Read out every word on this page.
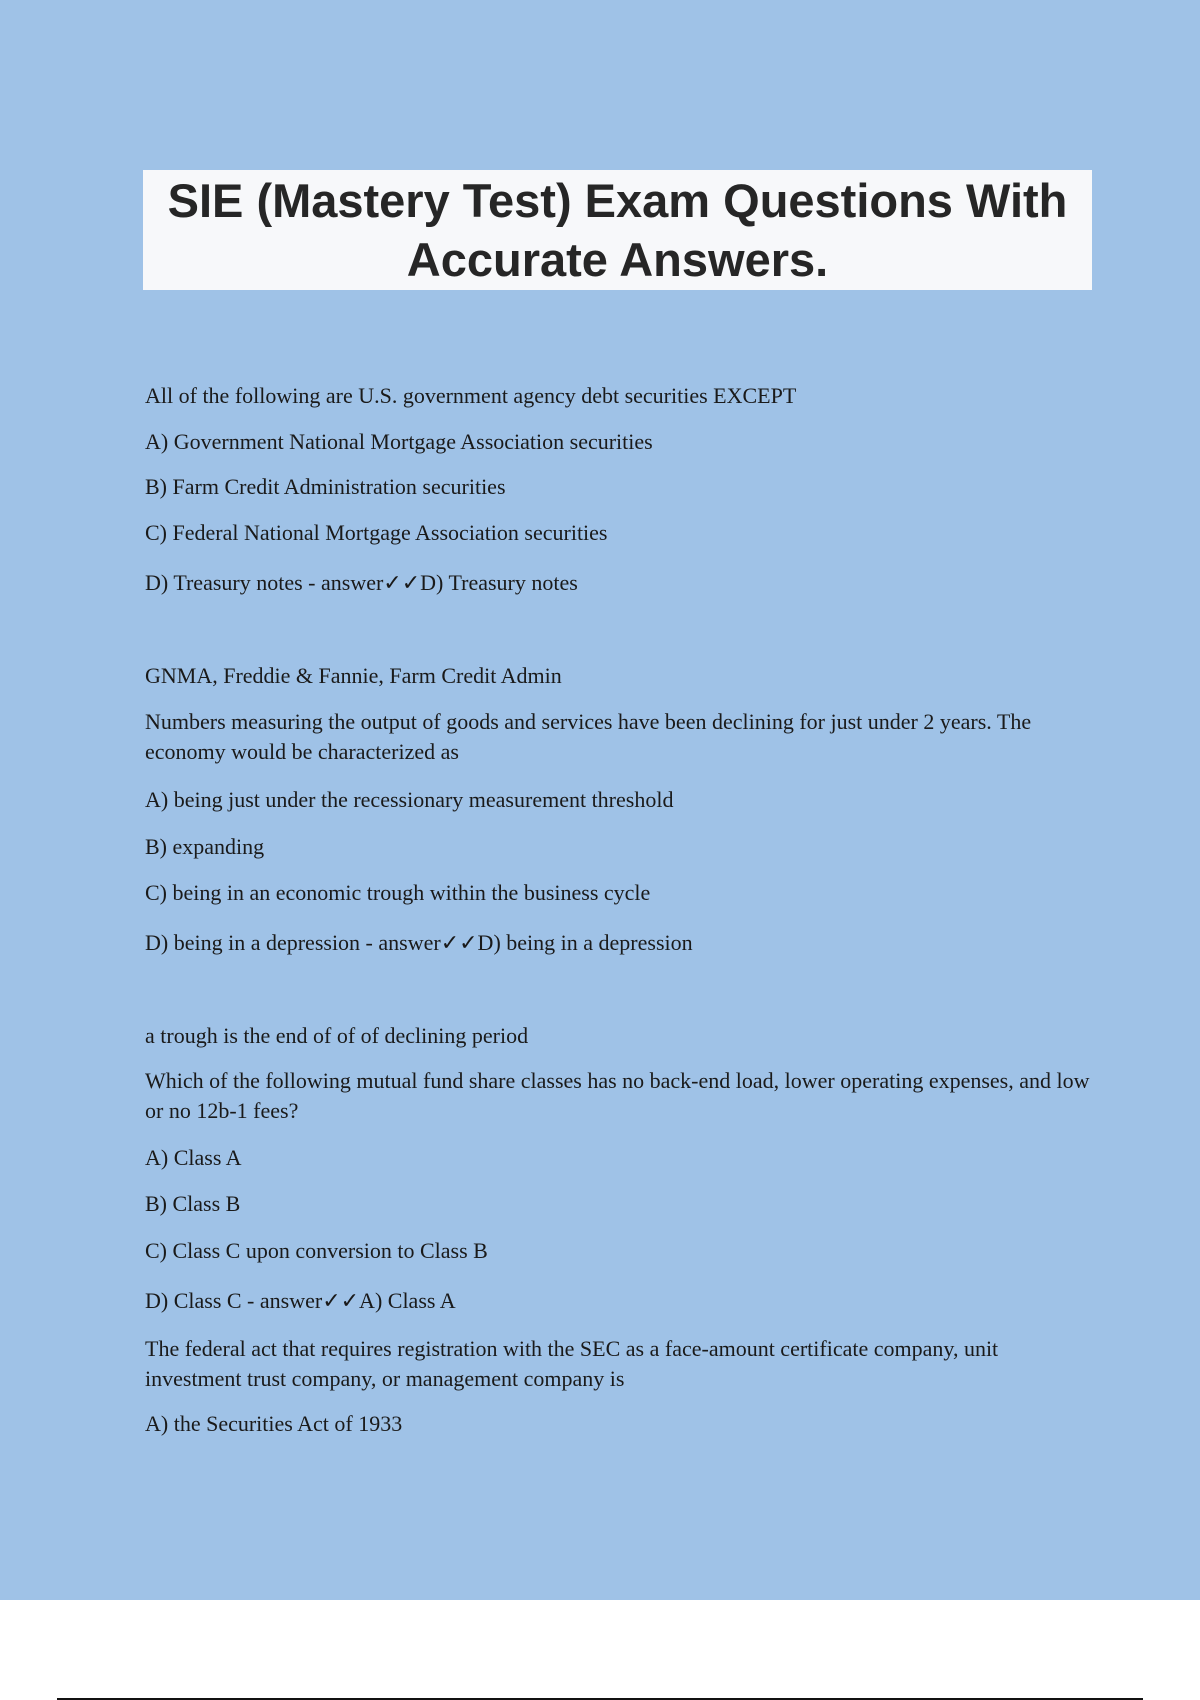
SIE (Mastery Test) Exam Questions With
Accurate Answers.

All of the following are U.S. government agency debt securities EXCEPT

A) Government National Mortgage Association securities

B) Farm Credit Administration securities

C) Federal National Mortgage Association securities

D) Treasury notes - answer✓✓D) Treasury notes

GNMA, Freddie & Fannie, Farm Credit Admin

Numbers measuring the output of goods and services have been declining for just under 2 years. The economy would be characterized as

A) being just under the recessionary measurement threshold

B) expanding

C) being in an economic trough within the business cycle

D) being in a depression - answer✓✓D) being in a depression

a trough is the end of of of declining period

Which of the following mutual fund share classes has no back-end load, lower operating expenses, and low or no 12b-1 fees?

A) Class A

B) Class B

C) Class C upon conversion to Class B

D) Class C - answer✓✓A) Class A

The federal act that requires registration with the SEC as a face-amount certificate company, unit investment trust company, or management company is

A) the Securities Act of 1933
